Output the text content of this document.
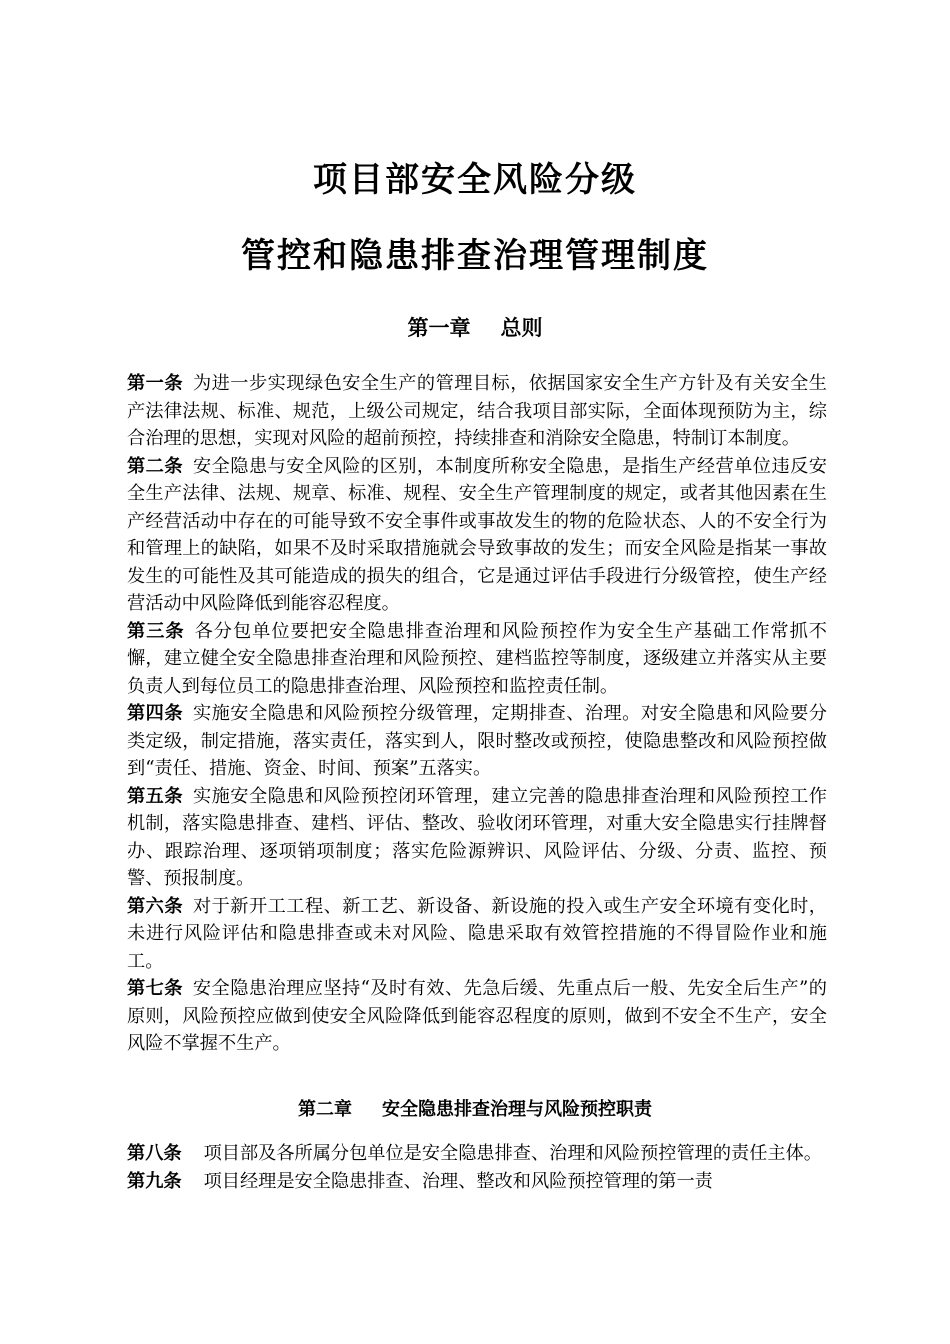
项目部安全风险分级
管控和隐患排查治理管理制度
第一章 总则

第一条 为进一步实现绿色安全生产的管理目标，依据国家安全生产方针及有关安全生产法律法规、标准、规范，上级公司规定，结合我项目部实际，全面体现预防为主，综合治理的思想，实现对风险的超前预控，持续排查和消除安全隐患，特制订本制度。

第二条 安全隐患与安全风险的区别，本制度所称安全隐患，是指生产经营单位违反安全生产法律、法规、规章、标准、规程、安全生产管理制度的规定，或者其他因素在生产经营活动中存在的可能导致不安全事件或事故发生的物的危险状态、人的不安全行为和管理上的缺陷，如果不及时采取措施就会导致事故的发生；而安全风险是指某一事故发生的可能性及其可能造成的损失的组合，它是通过评估手段进行分级管控，使生产经营活动中风险降低到能容忍程度。

第三条 各分包单位要把安全隐患排查治理和风险预控作为安全生产基础工作常抓不懈，建立健全安全隐患排查治理和风险预控、建档监控等制度，逐级建立并落实从主要负责人到每位员工的隐患排查治理、风险预控和监控责任制。

第四条 实施安全隐患和风险预控分级管理，定期排查、治理。对安全隐患和风险要分类定级，制定措施，落实责任，落实到人，限时整改或预控，使隐患整改和风险预控做到“责任、措施、资金、时间、预案”五落实。

第五条 实施安全隐患和风险预控闭环管理，建立完善的隐患排查治理和风险预控工作机制，落实隐患排查、建档、评估、整改、验收闭环管理，对重大安全隐患实行挂牌督办、跟踪治理、逐项销项制度；落实危险源辨识、风险评估、分级、分责、监控、预警、预报制度。

第六条 对于新开工工程、新工艺、新设备、新设施的投入或生产安全环境有变化时，未进行风险评估和隐患排查或未对风险、隐患采取有效管控措施的不得冒险作业和施工。

第七条 安全隐患治理应坚持“及时有效、先急后缓、先重点后一般、先安全后生产”的原则，风险预控应做到使安全风险降低到能容忍程度的原则，做到不安全不生产，安全风险不掌握不生产。

第二章 安全隐患排查治理与风险预控职责

第八条 项目部及各所属分包单位是安全隐患排查、治理和风险预控管理的责任主体。

第九条 项目经理是安全隐患排查、治理、整改和风险预控管理的第一责
